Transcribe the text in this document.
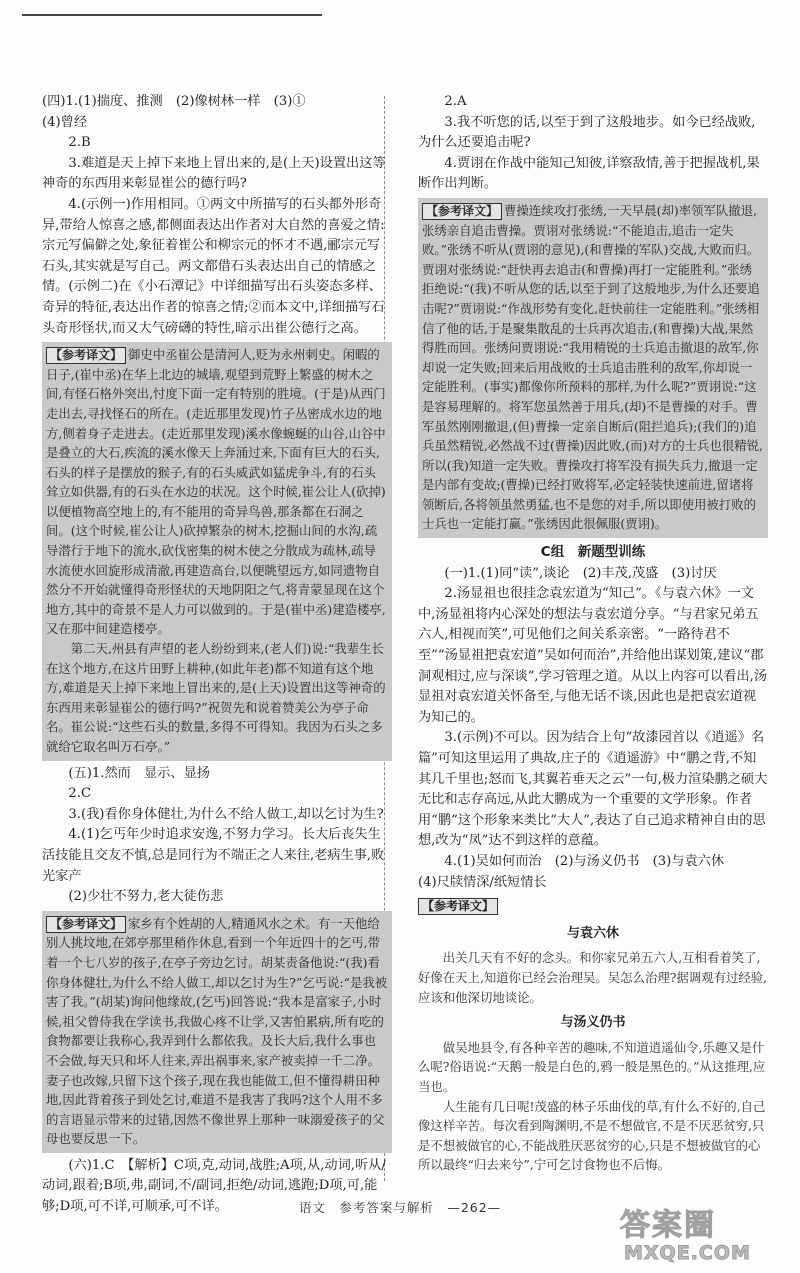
(四)1.(1)揣度、推测　(2)像树林一样　(3)①

(4)曾经

2.B

3.难道是天上掉下来地上冒出来的,是(上天)设置出这等神奇的东西用来彰显崔公的德行吗?

4.(示例一)作用相同。①两文中所描写的石头都外形奇异,带给人惊喜之感,都侧面表达出作者对大自然的喜爱之情:宗元写偏僻之处,象征着崔公和柳宗元的怀才不遇,郦宗元写石头,其实就是写自己。两文都借石头表达出自己的情感之情。(示例二)在《小石潭记》中详细描写出石头姿态多样、奇异的特征,表达出作者的惊喜之情;②而本文中,详细描写石头奇形怪状,而又大气磅礴的特性,暗示出崔公德行之高。

【参考译文】 御史中丞崔公是清河人,贬为永州刺史。闲暇的日子,(崔中丞)在华上北边的城墙,观望到荒野上繁盛的树木之间,有怪石格外突出,忖度下面一定有特别的胜境。(于是)从西门走出去,寻找怪石的所在。(走近那里发现)竹子丛密成水边的地方,侧着身子走进去。(走近那里发现)溪水像蜿蜒的山谷,山谷中是叠立的大石,疾流的溪水像天上奔涌过来,下面有巨大的石头,石头的样子是摆放的猴子,有的石头威武如猛虎争斗,有的石头耸立如供器,有的石头在水边的状况。这个时候,崔公让人(砍掉)以便植物高空地上的,有不能用的奇异鸟兽,那条都在石洞之间。(这个时候,崔公让人)砍掉繁杂的树木,挖掘山间的水沟,疏导潜行于地下的流水,砍伐密集的树木使之分散成为疏林,疏导水流使水回旋形成清澈,再建造高台,以便眺望远方,如同遗物自然分不开始就懂得奇形怪状的天地阴阳之气,将青蒙显现在这个地方,其中的奇景不是人力可以做到的。于是(崔中丞)建造楼亭,又在那中间建造楼亭。

第二天,州县有声望的老人纷纷到来,(老人们)说:“我辈生长在这个地方,在这片田野上耕种,(如此年老)都不知道有这个地方,难道是天上掉下来地上冒出来的,是(上天)设置出这等神奇的东西用来彰显崔公的德行吗?”祝贺先和说着赞美公为亭子命名。崔公说:“这些石头的数量,多得不可得知。我因为石头之多就给它取名叫万石亭。”

(五)1.然而　显示、显扬

2.C

3.(我)看你身体健壮,为什么不给人做工,却以乞讨为生?

4.(1)乞丐年少时追求安逸,不努力学习。长大后丧失生活技能且交友不慎,总是同行为不端正之人来往,老病生事,败光家产

(2)少壮不努力,老大徒伤悲

【参考译文】 家乡有个姓胡的人,精通风水之术。有一天他给别人挑坟地,在郊亭那里稍作休息,看到一个年近四十的乞丐,带着一个七八岁的孩子,在亭子旁边乞讨。胡某责备他说:“(我)看你身体健壮,为什么不给人做工,却以乞讨为生?”乞丐说:“是我被害了我。”(胡某)询问他缘故,(乞丐)回答说:“我本是富家子,小时候,祖父曾侍我在学读书,我做心疼不让学,又害怕累病,所有吃的食物都要让我称心,我弄到什么都依我。及长大后,我什么事也不会做,每天只和坏人往来,弄出祸事来,家产被卖掉一千二净。妻子也改嫁,只留下这个孩子,现在我也能做工,但不懂得耕田种地,因此背着孩子到处乞讨,难道不是我害了我吗?这个人用不多的言语显示带来的过错,因然不像世界上那种一味溺爱孩子的父母也要反思一下。

(六)1.C　【解析】C项,克,动词,战胜;A项,从,动词,听从/动词,跟着;B项,弗,副词,不/副词,拒绝/动词,逃跑;D项,可,能够;D项,可不详,可顺承,可不详。

2.A

3.我不听您的话,以至于到了这般地步。如今已经战败,为什么还要追击呢?

4.贾诩在作战中能知己知彼,详察敌情,善于把握战机,果断作出判断。

【参考译文】 曹操连续攻打张绣,一天早晨(却)率领军队撤退,张绣亲自追击曹操。贾诩对张绣说:“不能追击,追击一定失败。”张绣不听从(贾诩的意见),(和曹操的军队)交战,大败而归。贾诩对张绣说:“赶快再去追击(和曹操)再打一定能胜利。”张绣拒绝说:“(我)不听从您的话,以至于到了这般地步,为什么还要追击呢?”贾诩说:“作战形势有变化,赶快前往一定能胜利。”张绣相信了他的话,于是聚集散乱的士兵再次追击,(和曹操)大战,果然得胜而回。张绣问贾诩说:“我用精锐的士兵追击撤退的敌军,你却说一定失败;回来后用战败的士兵追击胜利的敌军,你却说一定能胜利。(事实)都像你所预料的那样,为什么呢?”贾诩说:“这是容易理解的。将军您虽然善于用兵,(却)不是曹操的对手。曹军虽然刚刚撤退,(但)曹操一定亲自断后(阻拦追兵);(我们的)追兵虽然精锐,必然战不过(曹操)因此败,(而)对方的士兵也很精锐,所以(我)知道一定失败。曹操攻打将军没有损失兵力,撤退一定是内部有变故;(曹操)已经打败将军,必定轻装快速前进,留诸将领断后,各将领虽然勇猛,也不是您的对手,所以即使用被打败的士兵也一定能打赢。”张绣因此很佩服(贾诩)。

C组　新题型训练

(一)1.(1)同“读”,谈论　(2)丰茂,茂盛　(3)讨厌

2.汤显祖也很挂念袁宏道为“知己”。《与袁六休》一文中,汤显祖将内心深处的想法与袁宏道分享。“与君家兄弟五六人,相视而笑”,可见他们之间关系亲密。“一路待君不至”“汤显祖把袁宏道”吴如何而治”,并给他出谋划策,建议“郡洞观相过,应与深谈”,学习管理之道。从以上内容可以看出,汤显祖对袁宏道关怀备至,与他无话不谈,因此也是把袁宏道视为知己的。

3.(示例)不可以。因为结合上句“故漆园首以《逍遥》名篇”可知这里运用了典故,庄子的《逍遥游》中“鹏之背,不知其几千里也;怒而飞,其翼若垂天之云”一句,极力渲染鹏之硕大无比和志存高远,从此大鹏成为一个重要的文学形象。作者用“鹏”这个形象来类比“大人”,表达了自己追求精神自由的思想,改为“凤”达不到这样的意蕴。

4.(1)吴如何而治　(2)与汤义仍书　(3)与袁六休

(4)尺牍情深/纸短情长

【参考译文】
与袁六休

出关几天有不好的念头。和你家兄弟五六人,互相看着笑了,好像在天上,知道你已经会治理吴。吴怎么治理?据调观有过经验,应该和他深切地谈论。

与汤义仍书

做吴地县令,有各种辛苦的趣味,不知道逍遥仙令,乐趣又是什么呢?俗语说:“天鹅一般是白色的,鸦一般是黑色的。”从这推理,应当也。

人生能有几日呢!茂盛的林子乐曲伐的草,有什么不好的,自己像这样辛苦。每次看到陶渊明,不是不想做官,不是不厌恶贫穷,只是不想被做官的心,不能战胜厌恶贫穷的心,只是不想被做官的心所以最终“归去来兮”,宁可乞讨食物也不后悔。

语文　参考答案与解析　—262—
答案圈
MXQE.COM
